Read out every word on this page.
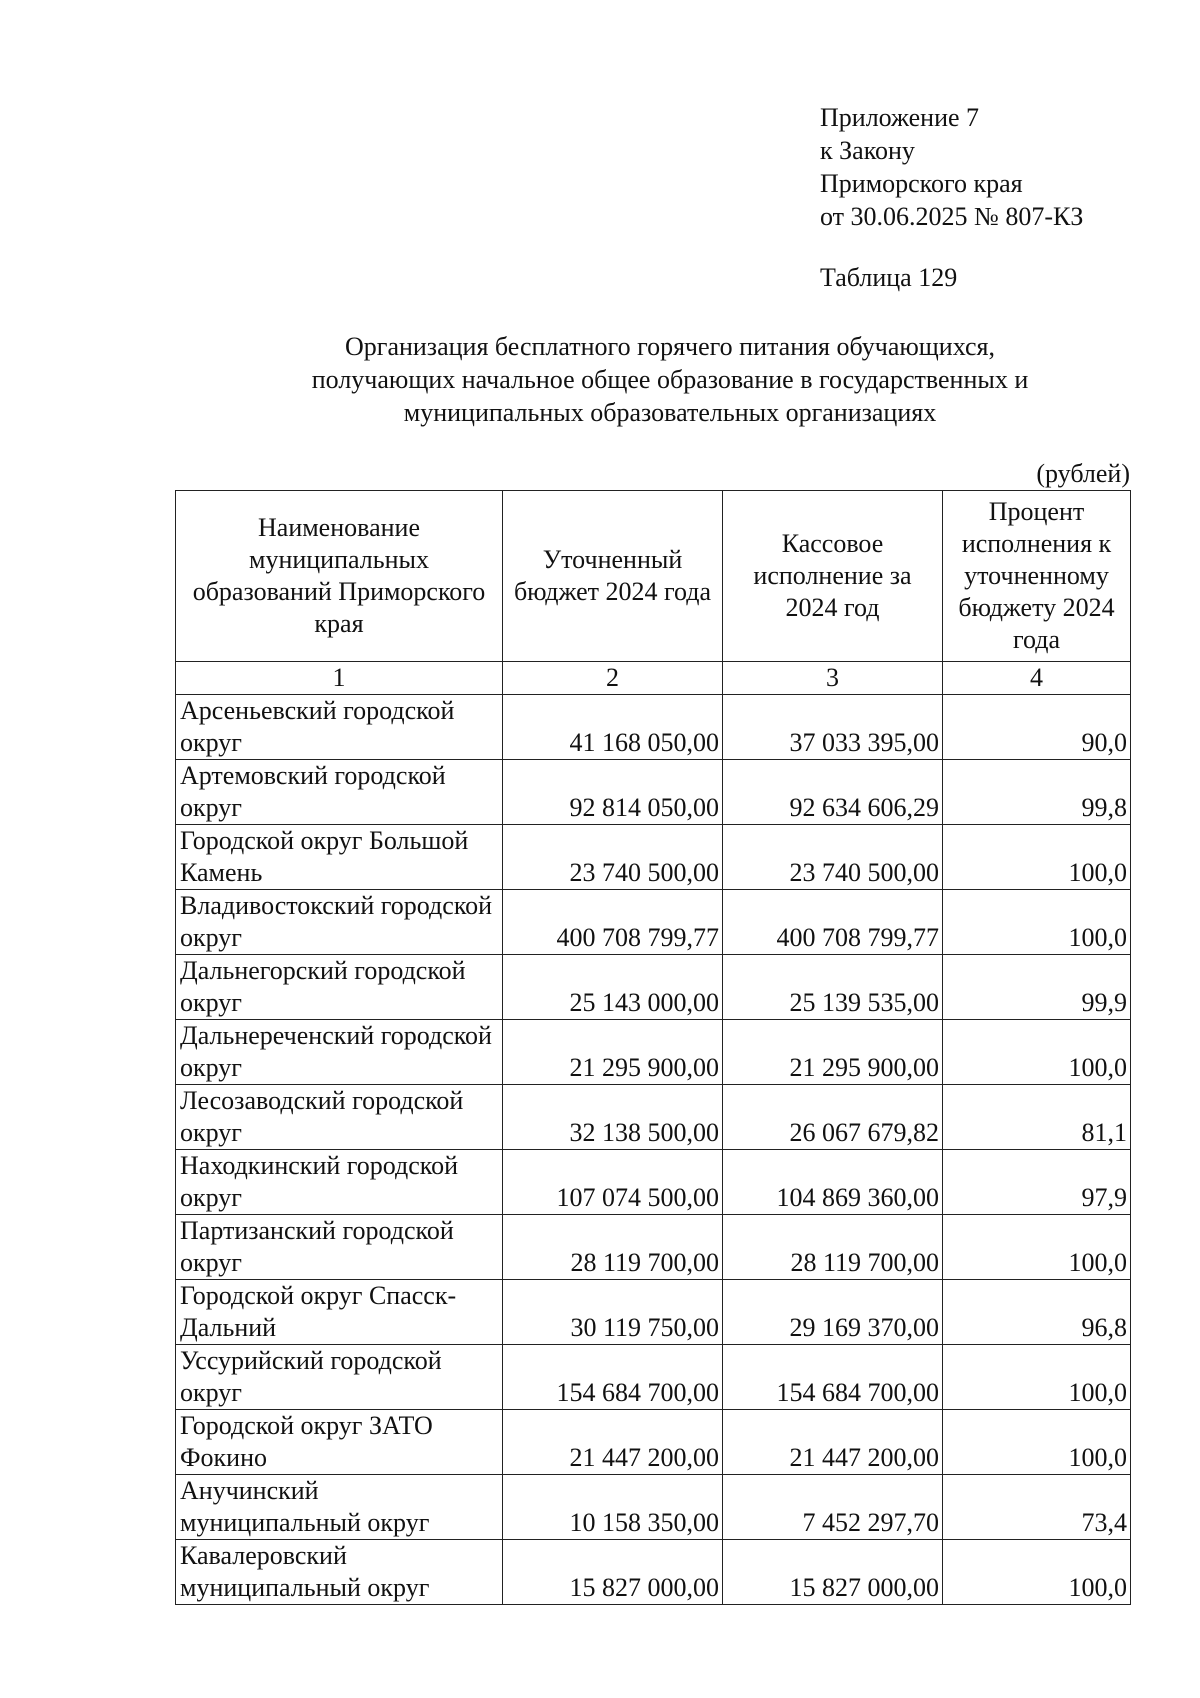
Приложение 7
к Закону
Приморского края
от 30.06.2025 № 807-КЗ
Таблица 129
Организация бесплатного горячего питания обучающихся,
получающих начальное общее образование в государственных и
муниципальных образовательных организациях
(рублей)
Наименование муниципальных образований Приморского края	Уточненный бюджет 2024 года	Кассовое исполнение за 2024 год	Процент исполнения к уточненному бюджету 2024 года
1	2	3	4
Арсеньевский городской округ	41 168 050,00	37 033 395,00	90,0
Артемовский городской округ	92 814 050,00	92 634 606,29	99,8
Городской округ Большой Камень	23 740 500,00	23 740 500,00	100,0
Владивостокский городской округ	400 708 799,77	400 708 799,77	100,0
Дальнегорский городской округ	25 143 000,00	25 139 535,00	99,9
Дальнереченский городской округ	21 295 900,00	21 295 900,00	100,0
Лесозаводский городской округ	32 138 500,00	26 067 679,82	81,1
Находкинский городской округ	107 074 500,00	104 869 360,00	97,9
Партизанский городской округ	28 119 700,00	28 119 700,00	100,0
Городской округ Спасск-Дальний	30 119 750,00	29 169 370,00	96,8
Уссурийский городской округ	154 684 700,00	154 684 700,00	100,0
Городской округ ЗАТО Фокино	21 447 200,00	21 447 200,00	100,0
Анучинский муниципальный округ	10 158 350,00	7 452 297,70	73,4
Кавалеровский муниципальный округ	15 827 000,00	15 827 000,00	100,0
